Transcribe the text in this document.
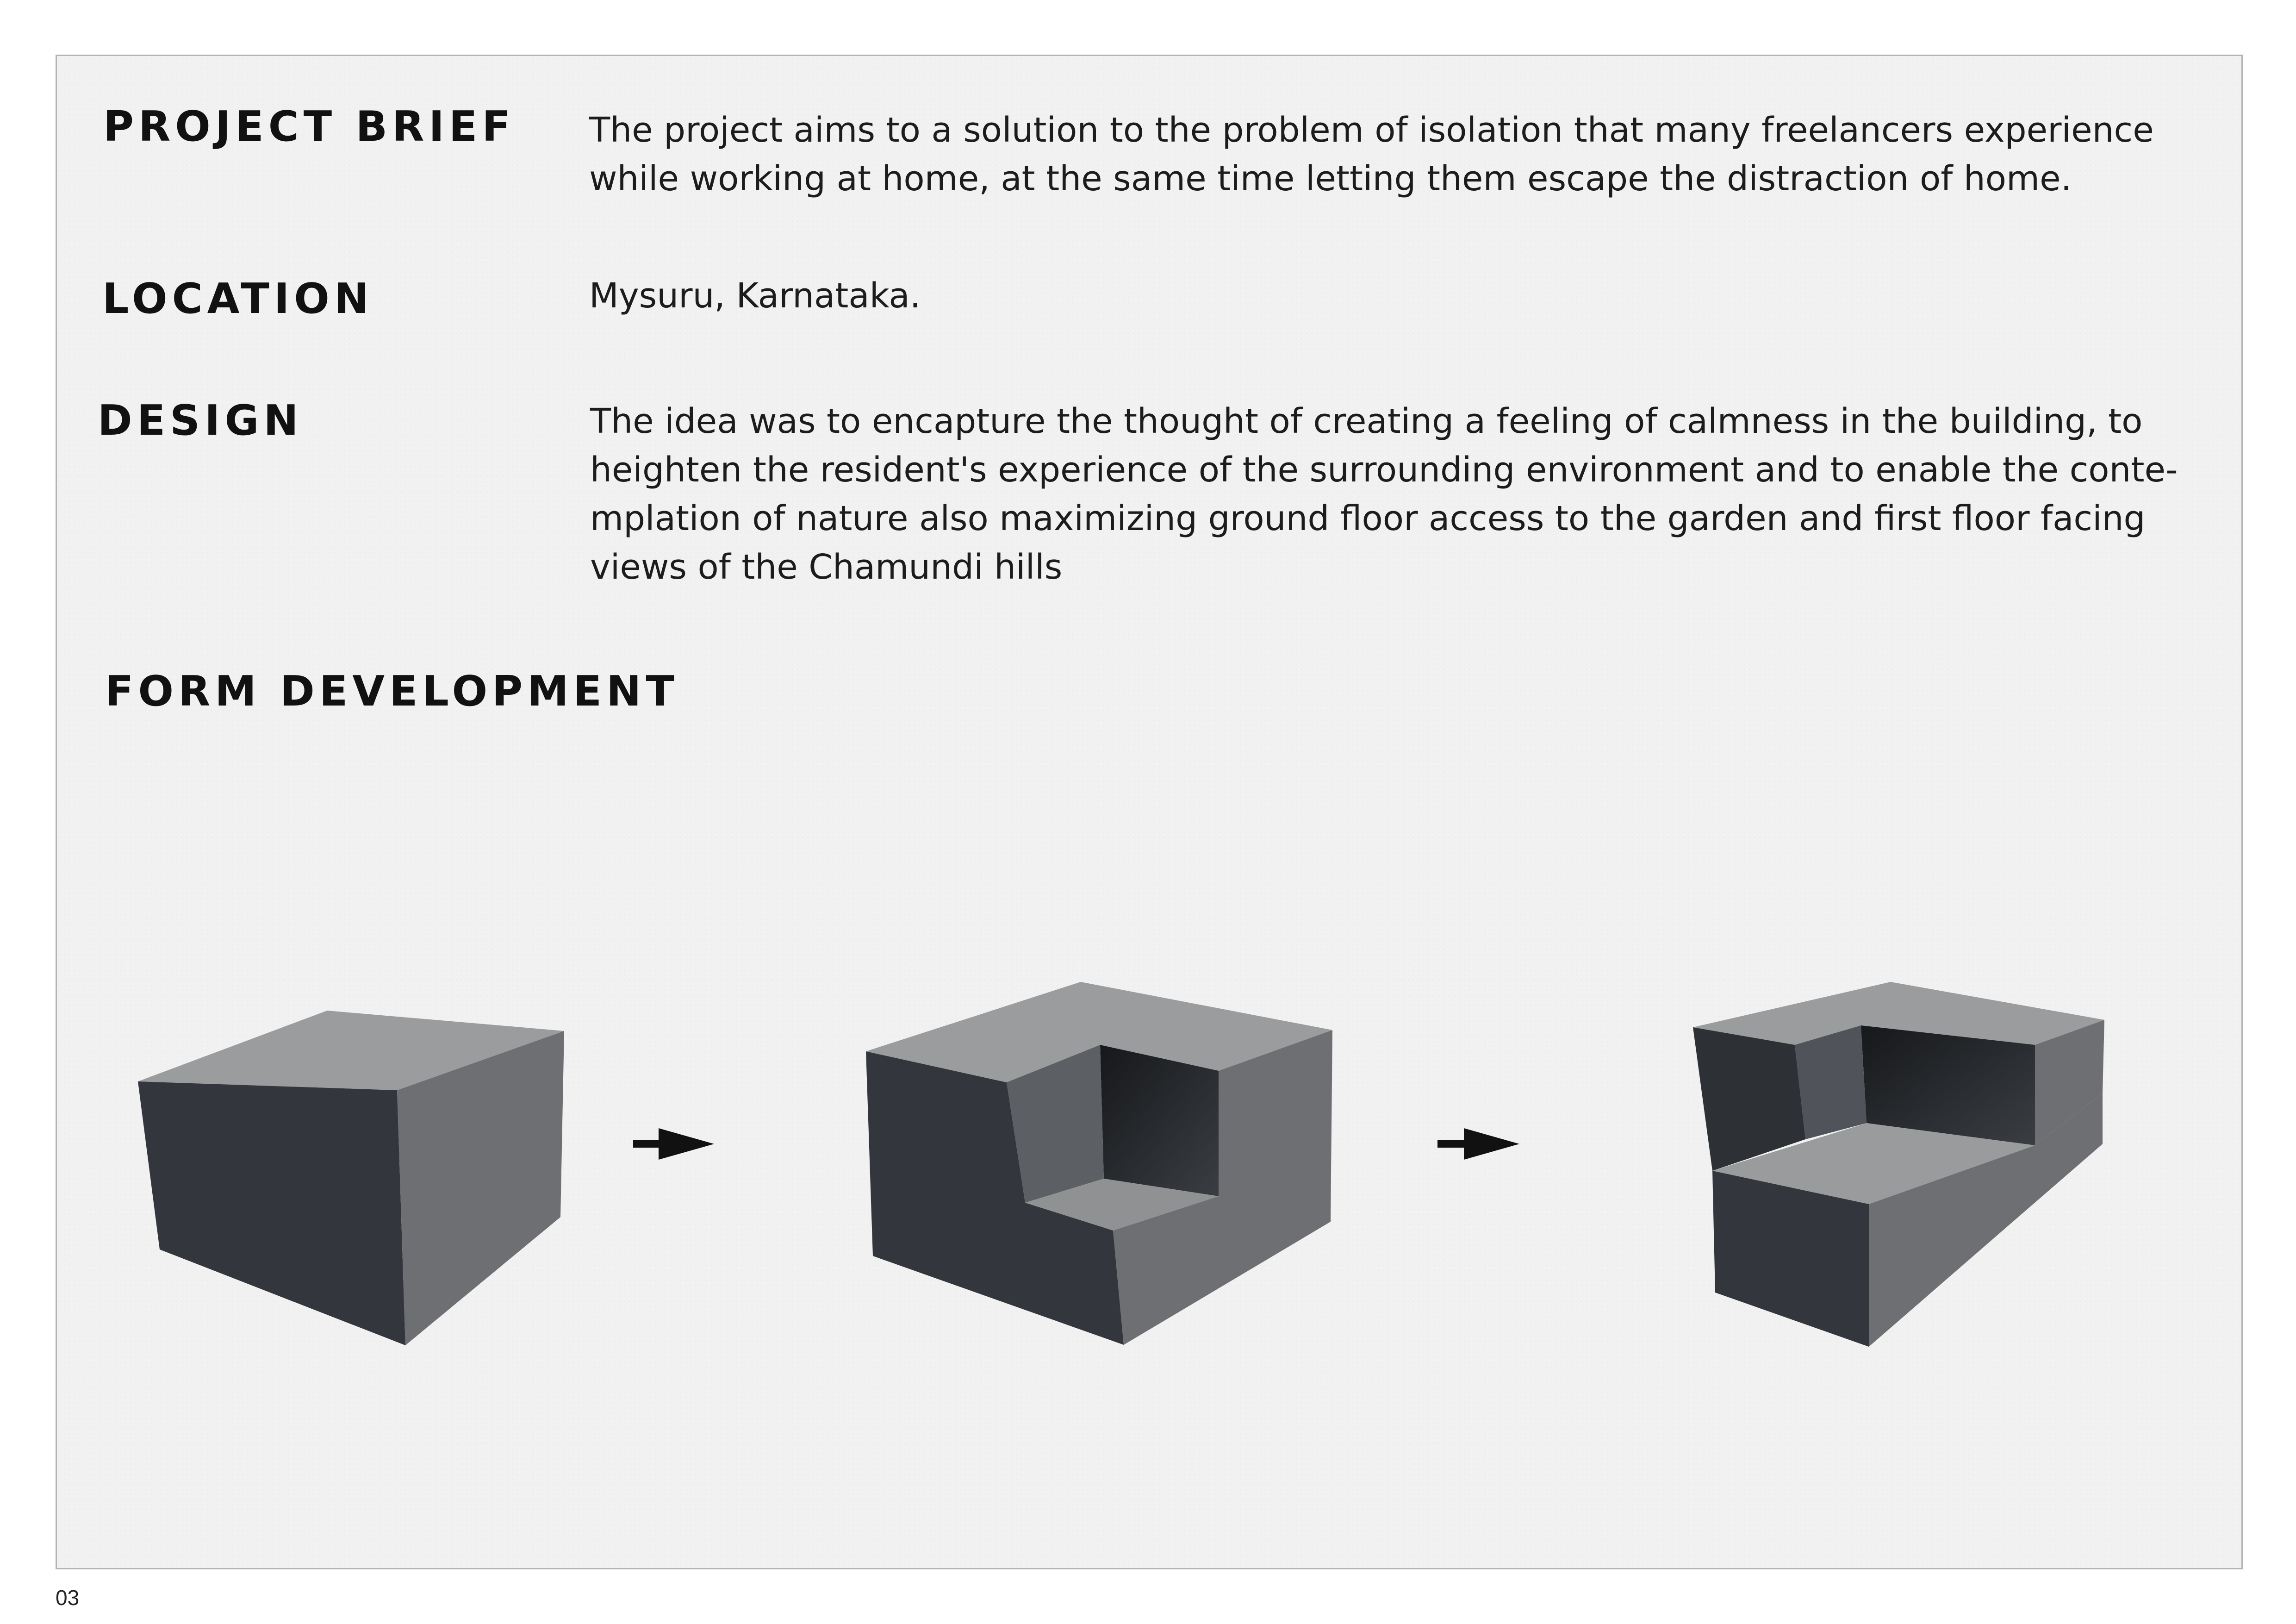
PROJECT BRIEF The project aims to a solution to the problem of isolation that many freelancers experience
while working at home, at the same time letting them escape the distraction of home.

LOCATION	Mysuru, Karnataka.

DESIGN	The idea was to encapture the thought of creating a feeling of calmness in the building, to
heighten the resident's experience of the surrounding environment and to enable the conte-
mplation of nature also maximizing ground floor access to the garden and first floor facing
views of the Chamundi hills

FORM DEVELOPMENT

03
